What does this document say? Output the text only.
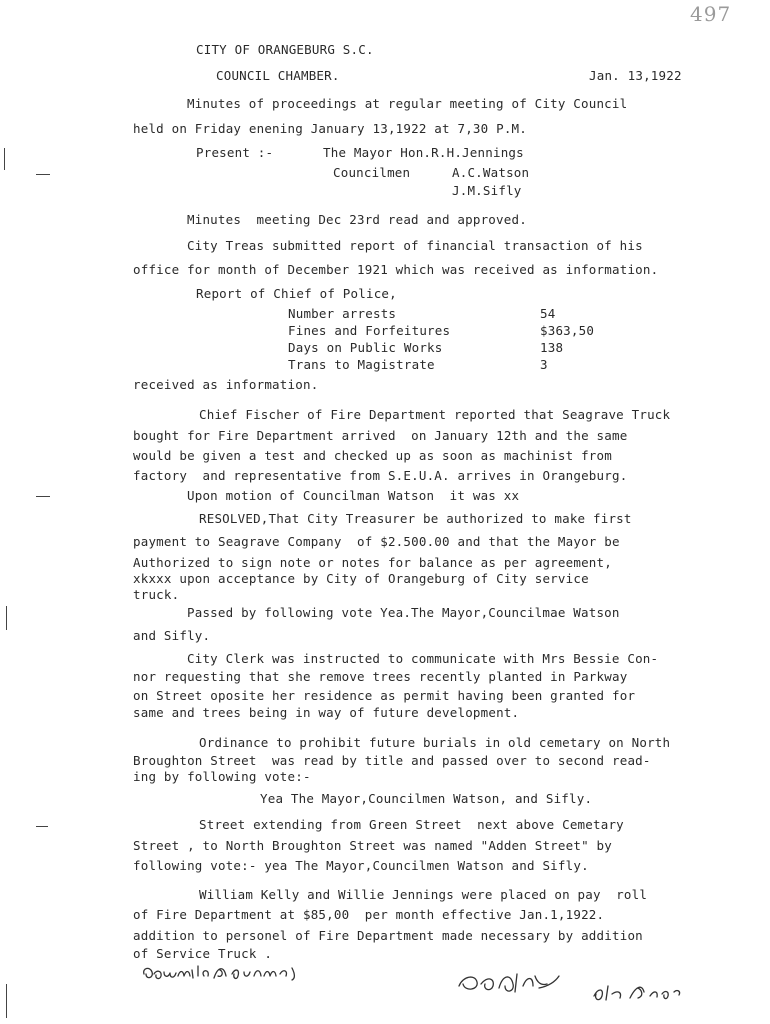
497
CITY OF ORANGEBURG S.C.
COUNCIL CHAMBER.	Jan. 13,1922
Minutes of proceedings at regular meeting of City Council
held on Friday enening January 13,1922 at 7,30 P.M.
Present :-	The Mayor Hon.R.H.Jennings
Councilmen	A.C.Watson
J.M.Sifly
Minutes  meeting Dec 23rd read and approved.
City Treas submitted report of financial transaction of his
office for month of December 1921 which was received as information.
Report of Chief of Police,
Number arrests	54
Fines and Forfeitures	$363,50
Days on Public Works	138
Trans to Magistrate	3
received as information.
Chief Fischer of Fire Department reported that Seagrave Truck
bought for Fire Department arrived  on January 12th and the same
would be given a test and checked up as soon as machinist from
factory  and representative from S.E.U.A. arrives in Orangeburg.
Upon motion of Councilman Watson  it was xx
RESOLVED,That City Treasurer be authorized to make first
payment to Seagrave Company  of $2.500.00 and that the Mayor be
Authorized to sign note or notes for balance as per agreement,
xkxxx upon acceptance by City of Orangeburg of City service
truck.
Passed by following vote Yea.The Mayor,Councilmae Watson
and Sifly.
City Clerk was instructed to communicate with Mrs Bessie Con-
nor requesting that she remove trees recently planted in Parkway
on Street oposite her residence as permit having been granted for
same and trees being in way of future development.
Ordinance to prohibit future burials in old cemetary on North
Broughton Street  was read by title and passed over to second read-
ing by following vote:-
Yea The Mayor,Councilmen Watson, and Sifly.
Street extending from Green Street  next above Cemetary
Street , to North Broughton Street was named "Adden Street" by
following vote:- yea The Mayor,Councilmen Watson and Sifly.
William Kelly and Willie Jennings were placed on pay  roll
of Fire Department at $85,00  per month effective Jan.1,1922.
addition to personel of Fire Department made necessary by addition
of Service Truck .
